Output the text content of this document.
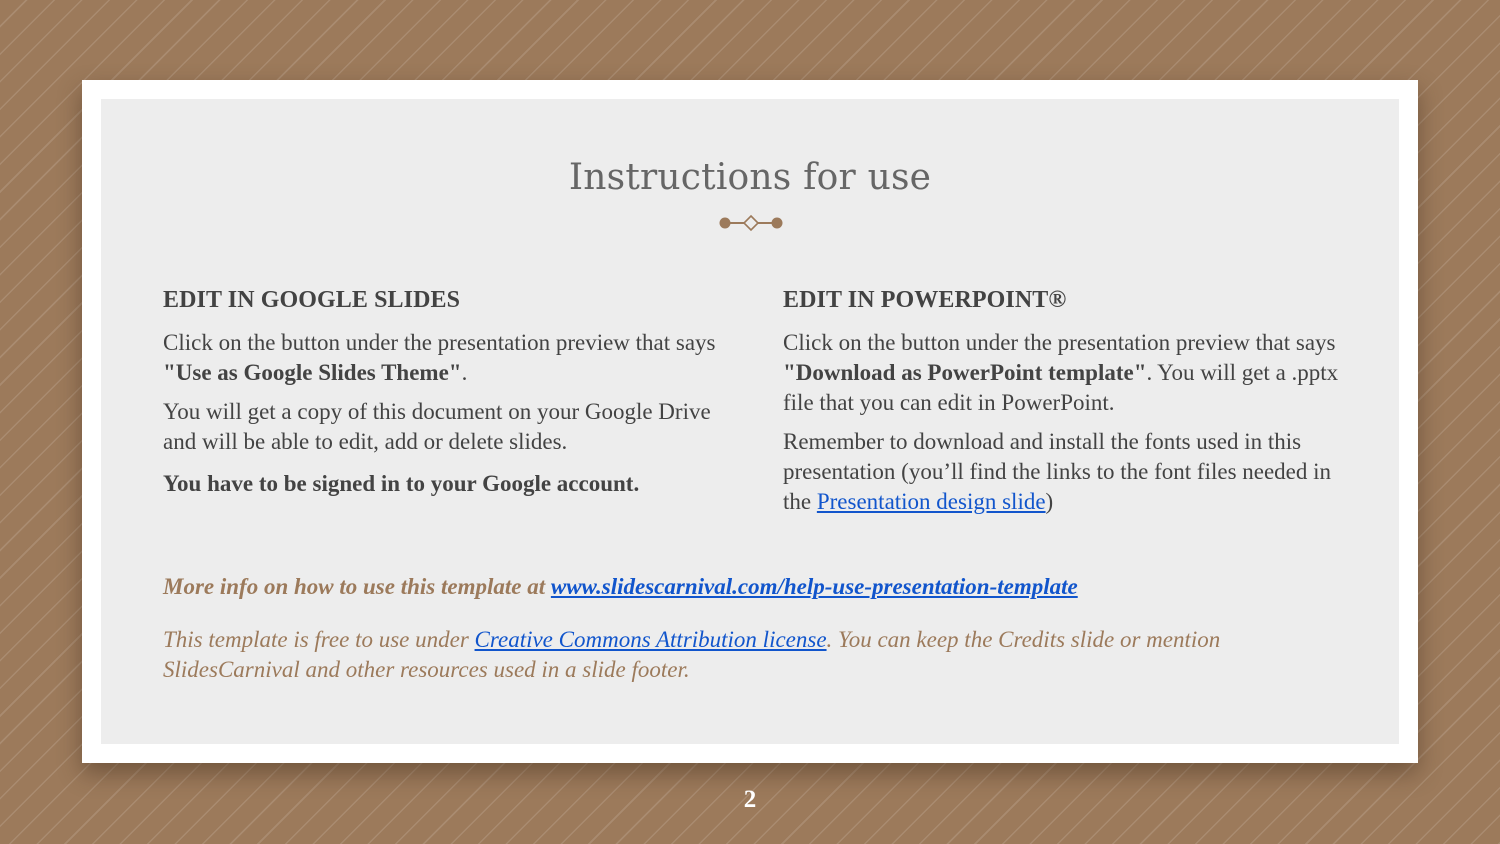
Instructions for use
EDIT IN GOOGLE SLIDES

Click on the button under the presentation preview that says "Use as Google Slides Theme".

You will get a copy of this document on your Google Drive and will be able to edit, add or delete slides.

You have to be signed in to your Google account.

EDIT IN POWERPOINT®

Click on the button under the presentation preview that says "Download as PowerPoint template". You will get a .pptx file that you can edit in PowerPoint.

Remember to download and install the fonts used in this presentation (you’ll find the links to the font files needed in the Presentation design slide)

More info on how to use this template at www.slidescarnival.com/help-use-presentation-template

This template is free to use under Creative Commons Attribution license. You can keep the Credits slide or mention SlidesCarnival and other resources used in a slide footer.

2
